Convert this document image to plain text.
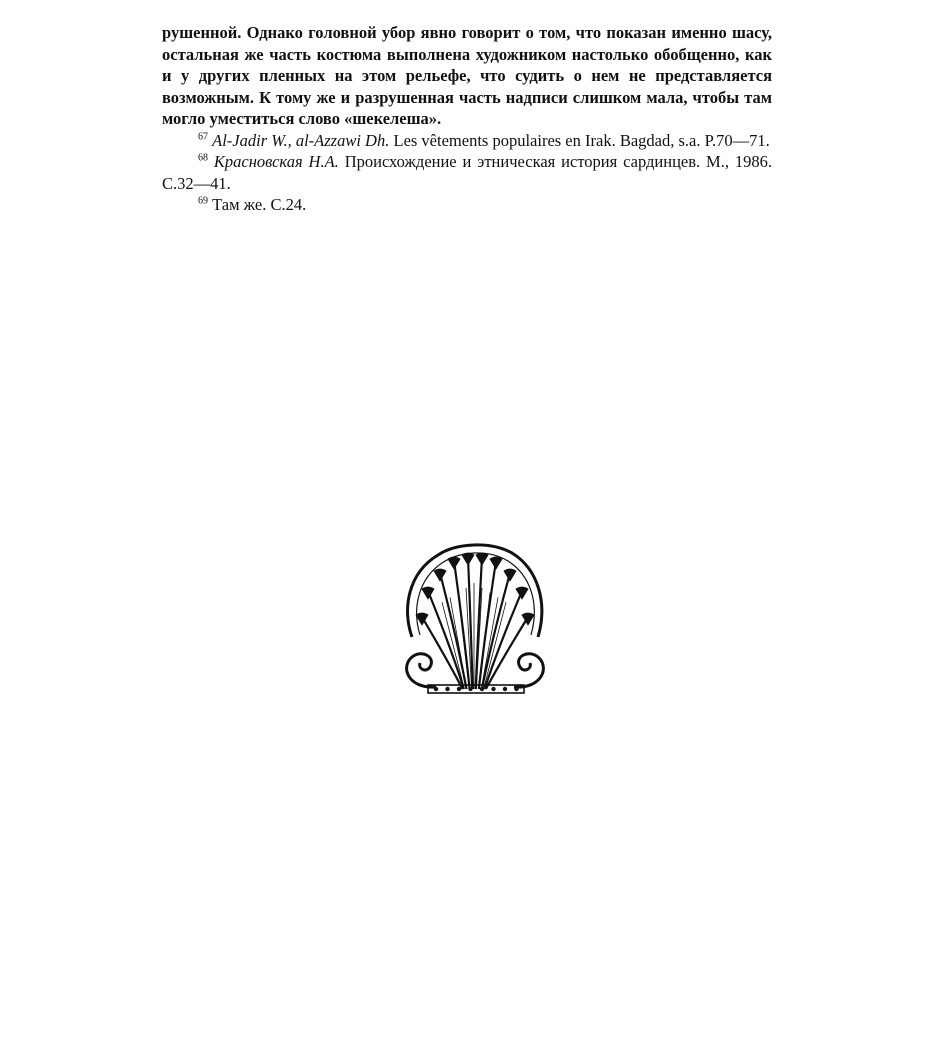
рушенной. Однако головной убор явно говорит о том, что показан именно шасу, остальная же часть костюма выполнена художником настолько обобщенно, как и у других пленных на этом рельефе, что судить о нем не представляется возможным. К тому же и разрушенная часть надписи слишком мала, чтобы там могло уместиться слово «шекелеша».

$^{67}$ Al-Jadir W., al-Azzawi Dh. Les vêtements populaires en Irak. Bagdad, s.a. P.70—71.

$^{68}$ Красновская Н.А. Происхождение и этническая история сардинцев. М., 1986. С.32—41.

$^{69}$ Там же. С.24.
